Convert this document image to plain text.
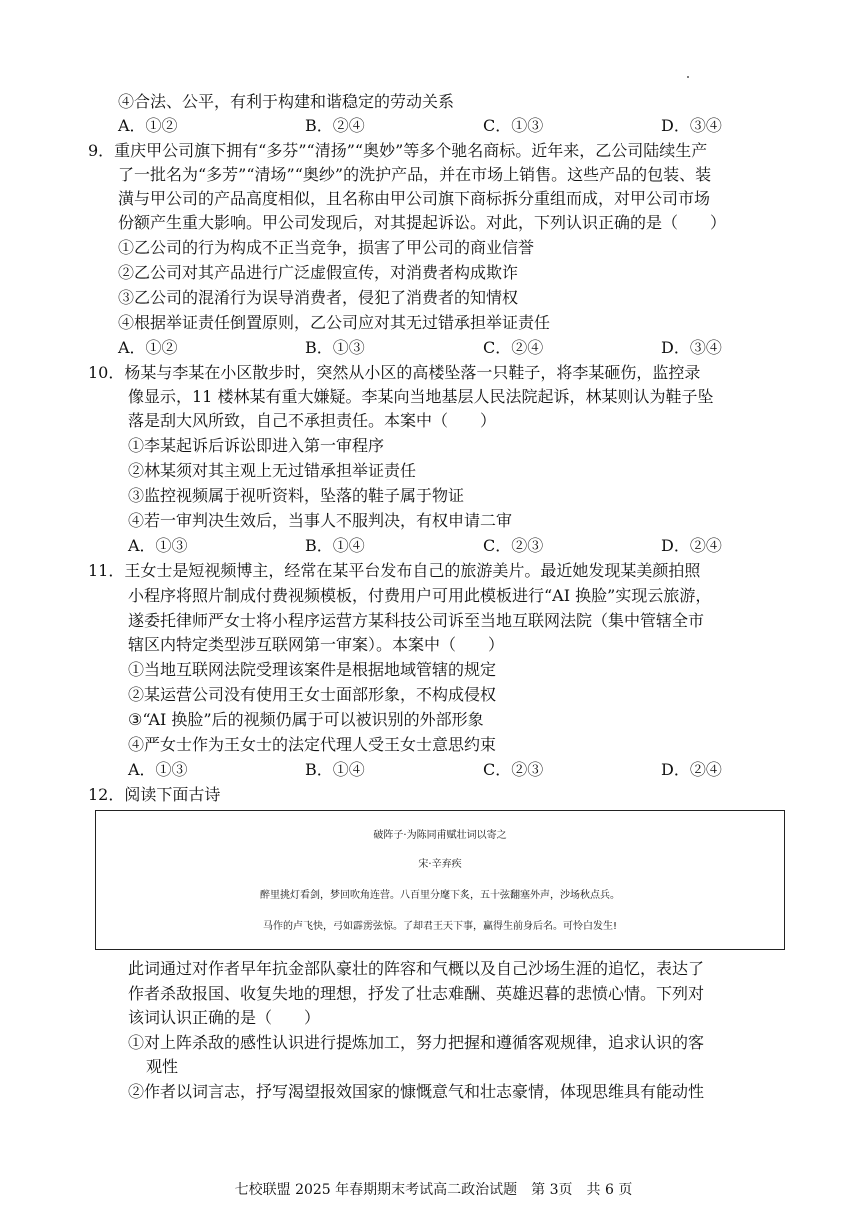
④合法、公平，有利于构建和谐稳定的劳动关系
A．①②	B．②④	C．①③	D．③④
9．重庆甲公司旗下拥有“多芬”“清扬”“奥妙”等多个驰名商标。近年来，乙公司陆续生产
了一批名为“多芳”“清场”“奥纱”的洗护产品，并在市场上销售。这些产品的包装、装
潢与甲公司的产品高度相似，且名称由甲公司旗下商标拆分重组而成，对甲公司市场
份额产生重大影响。甲公司发现后，对其提起诉讼。对此，下列认识正确的是（　　）
①乙公司的行为构成不正当竞争，损害了甲公司的商业信誉
②乙公司对其产品进行广泛虚假宣传，对消费者构成欺诈
③乙公司的混淆行为误导消费者，侵犯了消费者的知情权
④根据举证责任倒置原则，乙公司应对其无过错承担举证责任
A．①②	B．①③	C．②④	D．③④
10．杨某与李某在小区散步时，突然从小区的高楼坠落一只鞋子，将李某砸伤，监控录
像显示，11 楼林某有重大嫌疑。李某向当地基层人民法院起诉，林某则认为鞋子坠
落是刮大风所致，自己不承担责任。本案中（　　）
①李某起诉后诉讼即进入第一审程序
②林某须对其主观上无过错承担举证责任
③监控视频属于视听资料，坠落的鞋子属于物证
④若一审判决生效后，当事人不服判决，有权申请二审
A．①③	B．①④	C．②③	D．②④
11．王女士是短视频博主，经常在某平台发布自己的旅游美片。最近她发现某美颜拍照
小程序将照片制成付费视频模板，付费用户可用此模板进行“AI 换脸”实现云旅游，
遂委托律师严女士将小程序运营方某科技公司诉至当地互联网法院（集中管辖全市
辖区内特定类型涉互联网第一审案）。本案中（　　）
①当地互联网法院受理该案件是根据地域管辖的规定
②某运营公司没有使用王女士面部形象，不构成侵权
③“AI 换脸”后的视频仍属于可以被识别的外部形象
④严女士作为王女士的法定代理人受王女士意思约束
A．①③	B．①④	C．②③	D．②④
12．阅读下面古诗
破阵子·为陈同甫赋壮词以寄之
宋·辛弃疾
醉里挑灯看剑，梦回吹角连营。八百里分麾下炙，五十弦翻塞外声，沙场秋点兵。
马作的卢飞快，弓如霹雳弦惊。了却君王天下事，赢得生前身后名。可怜白发生!
此词通过对作者早年抗金部队豪壮的阵容和气概以及自己沙场生涯的追忆，表达了
作者杀敌报国、收复失地的理想，抒发了壮志难酬、英雄迟暮的悲愤心情。下列对
该词认识正确的是（　　）
①对上阵杀敌的感性认识进行提炼加工，努力把握和遵循客观规律，追求认识的客
观性
②作者以词言志，抒写渴望报效国家的慷慨意气和壮志豪情，体现思维具有能动性
七校联盟 2025 年春期期末考试高二政治试题　第 3页　共 6 页
